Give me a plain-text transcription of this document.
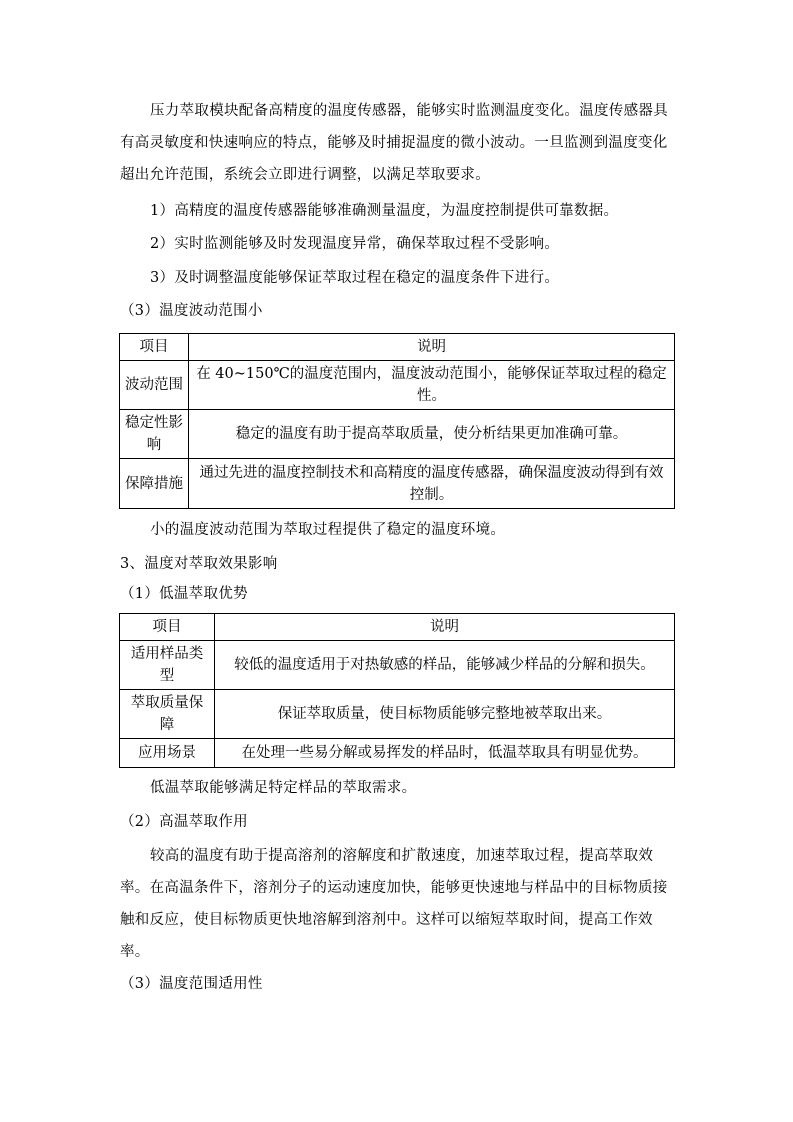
压力萃取模块配备高精度的温度传感器，能够实时监测温度变化。温度传感器具有高灵敏度和快速响应的特点，能够及时捕捉温度的微小波动。一旦监测到温度变化超出允许范围，系统会立即进行调整，以满足萃取要求。

1）高精度的温度传感器能够准确测量温度，为温度控制提供可靠数据。

2）实时监测能够及时发现温度异常，确保萃取过程不受影响。

3）及时调整温度能够保证萃取过程在稳定的温度条件下进行。

（3）温度波动范围小

项目	说明
波动范围	在 40~150℃的温度范围内，温度波动范围小，能够保证萃取过程的稳定性。
稳定性影响	稳定的温度有助于提高萃取质量，使分析结果更加准确可靠。
保障措施	通过先进的温度控制技术和高精度的温度传感器，确保温度波动得到有效控制。

小的温度波动范围为萃取过程提供了稳定的温度环境。

3、温度对萃取效果影响

（1）低温萃取优势

项目	说明
适用样品类型	较低的温度适用于对热敏感的样品，能够减少样品的分解和损失。
萃取质量保障	保证萃取质量，使目标物质能够完整地被萃取出来。
应用场景	在处理一些易分解或易挥发的样品时，低温萃取具有明显优势。

低温萃取能够满足特定样品的萃取需求。

（2）高温萃取作用

较高的温度有助于提高溶剂的溶解度和扩散速度，加速萃取过程，提高萃取效率。在高温条件下，溶剂分子的运动速度加快，能够更快速地与样品中的目标物质接触和反应，使目标物质更快地溶解到溶剂中。这样可以缩短萃取时间，提高工作效率。

（3）温度范围适用性
